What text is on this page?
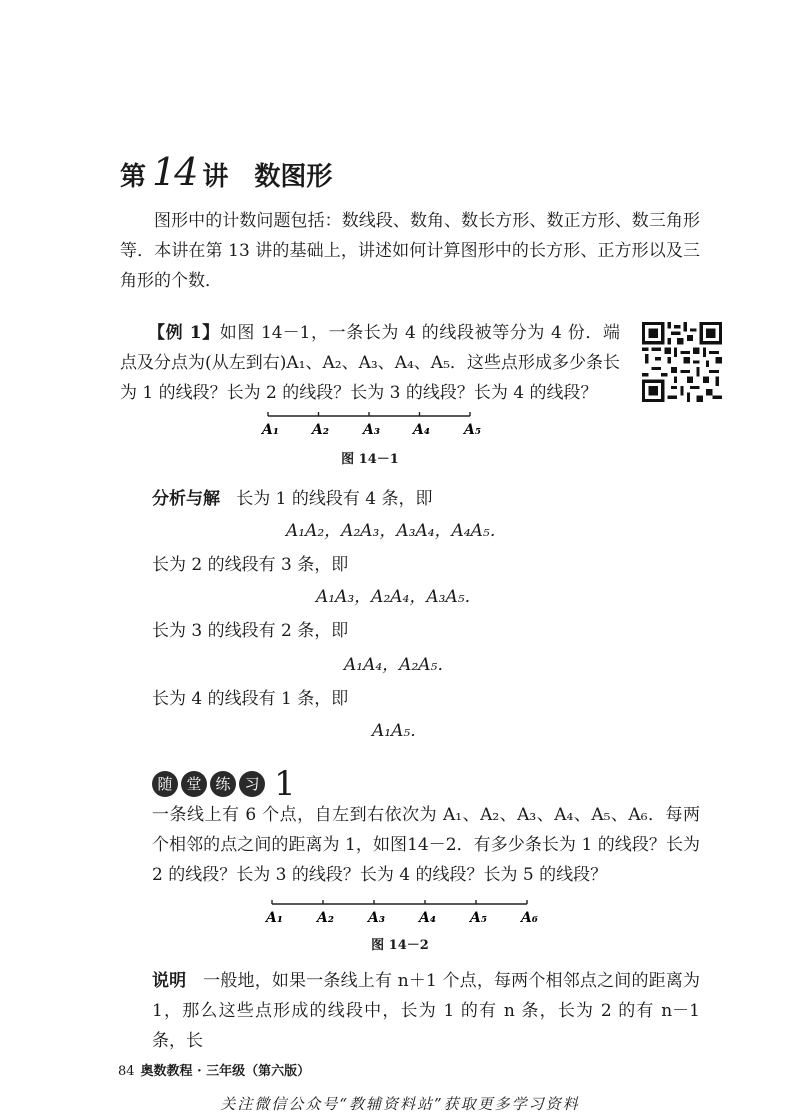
第 14 讲 数图形
图形中的计数问题包括：数线段、数角、数长方形、数正方形、数三角形等．本讲在第 13 讲的基础上，讲述如何计算图形中的长方形、正方形以及三角形的个数．
【例 1】如图 14－1，一条长为 4 的线段被等分为 4 份．端点及分点为(从左到右)A₁、A₂、A₃、A₄、A₅．这些点形成多少条长为 1 的线段？长为 2 的线段？长为 3 的线段？长为 4 的线段？
A₁ A₂ A₃ A₄ A₅
图 14－1
分析与解 长为 1 的线段有 4 条，即
A₁A₂，A₂A₃，A₃A₄，A₄A₅．
长为 2 的线段有 3 条，即
A₁A₃，A₂A₄，A₃A₅．
长为 3 的线段有 2 条，即
A₁A₄，A₂A₅．
长为 4 的线段有 1 条，即
A₁A₅．
随 堂 练 习 1
一条线上有 6 个点，自左到右依次为 A₁、A₂、A₃、A₄、A₅、A₆．每两个相邻的点之间的距离为 1，如图14－2．有多少条长为 1 的线段？长为 2 的线段？长为 3 的线段？长为 4 的线段？长为 5 的线段？
A₁ A₂ A₃ A₄ A₅ A₆
图 14－2
说明 一般地，如果一条线上有 n＋1 个点，每两个相邻点之间的距离为 1，那么这些点形成的线段中，长为 1 的有 n 条，长为 2 的有 n－1 条，长
84 奥数教程 · 三年级（第六版）
关注微信公众号“教辅资料站”获取更多学习资料
